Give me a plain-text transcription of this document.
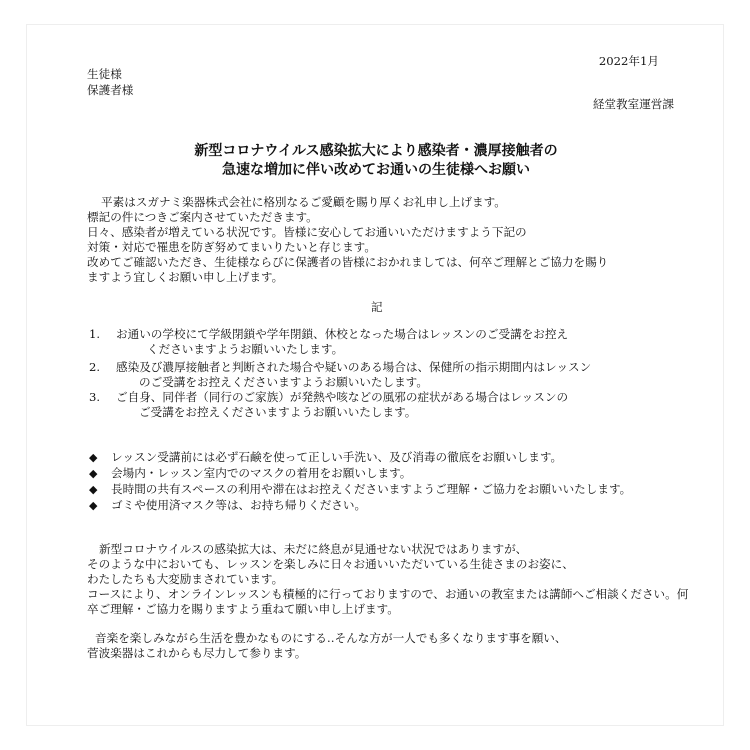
2022年1月
生徒様
保護者様
経堂教室運営課
新型コロナウイルス感染拡大により感染者・濃厚接触者の
急速な増加に伴い改めてお通いの生徒様へお願い
平素はスガナミ楽器株式会社に格別なるご愛顧を賜り厚くお礼申し上げます。
標記の件につきご案内させていただきます。
日々、感染者が増えている状況です。皆様に安心してお通いいただけますよう下記の
対策・対応で罹患を防ぎ努めてまいりたいと存じます。
改めてご確認いただき、生徒様ならびに保護者の皆様におかれましては、何卒ご理解とご協力を賜り
ますよう宜しくお願い申し上げます。
記
1. お通いの学校にて学級閉鎖や学年閉鎖、休校となった場合はレッスンのご受講をお控え
くださいますようお願いいたします。
2. 感染及び濃厚接触者と判断された場合や疑いのある場合は、保健所の指示期間内はレッスン
のご受講をお控えくださいますようお願いいたします。
3. ご自身、同伴者（同行のご家族）が発熱や咳などの風邪の症状がある場合はレッスンの
ご受講をお控えくださいますようお願いいたします。
◆ レッスン受講前には必ず石鹸を使って正しい手洗い、及び消毒の徹底をお願いします。
◆ 会場内・レッスン室内でのマスクの着用をお願いします。
◆ 長時間の共有スペースの利用や滞在はお控えくださいますようご理解・ご協力をお願いいたします。
◆ ゴミや使用済マスク等は、お持ち帰りください。
新型コロナウイルスの感染拡大は、未だに終息が見通せない状況ではありますが、
そのような中においても、レッスンを楽しみに日々お通いいただいている生徒さまのお姿に、
わたしたちも大変励まされています。
コースにより、オンラインレッスンも積極的に行っておりますので、お通いの教室または講師へご相談ください。何
卒ご理解・ご協力を賜りますよう重ねて願い申し上げます。
音楽を楽しみながら生活を豊かなものにする‥そんな方が一人でも多くなります事を願い、
菅波楽器はこれからも尽力して参ります。
